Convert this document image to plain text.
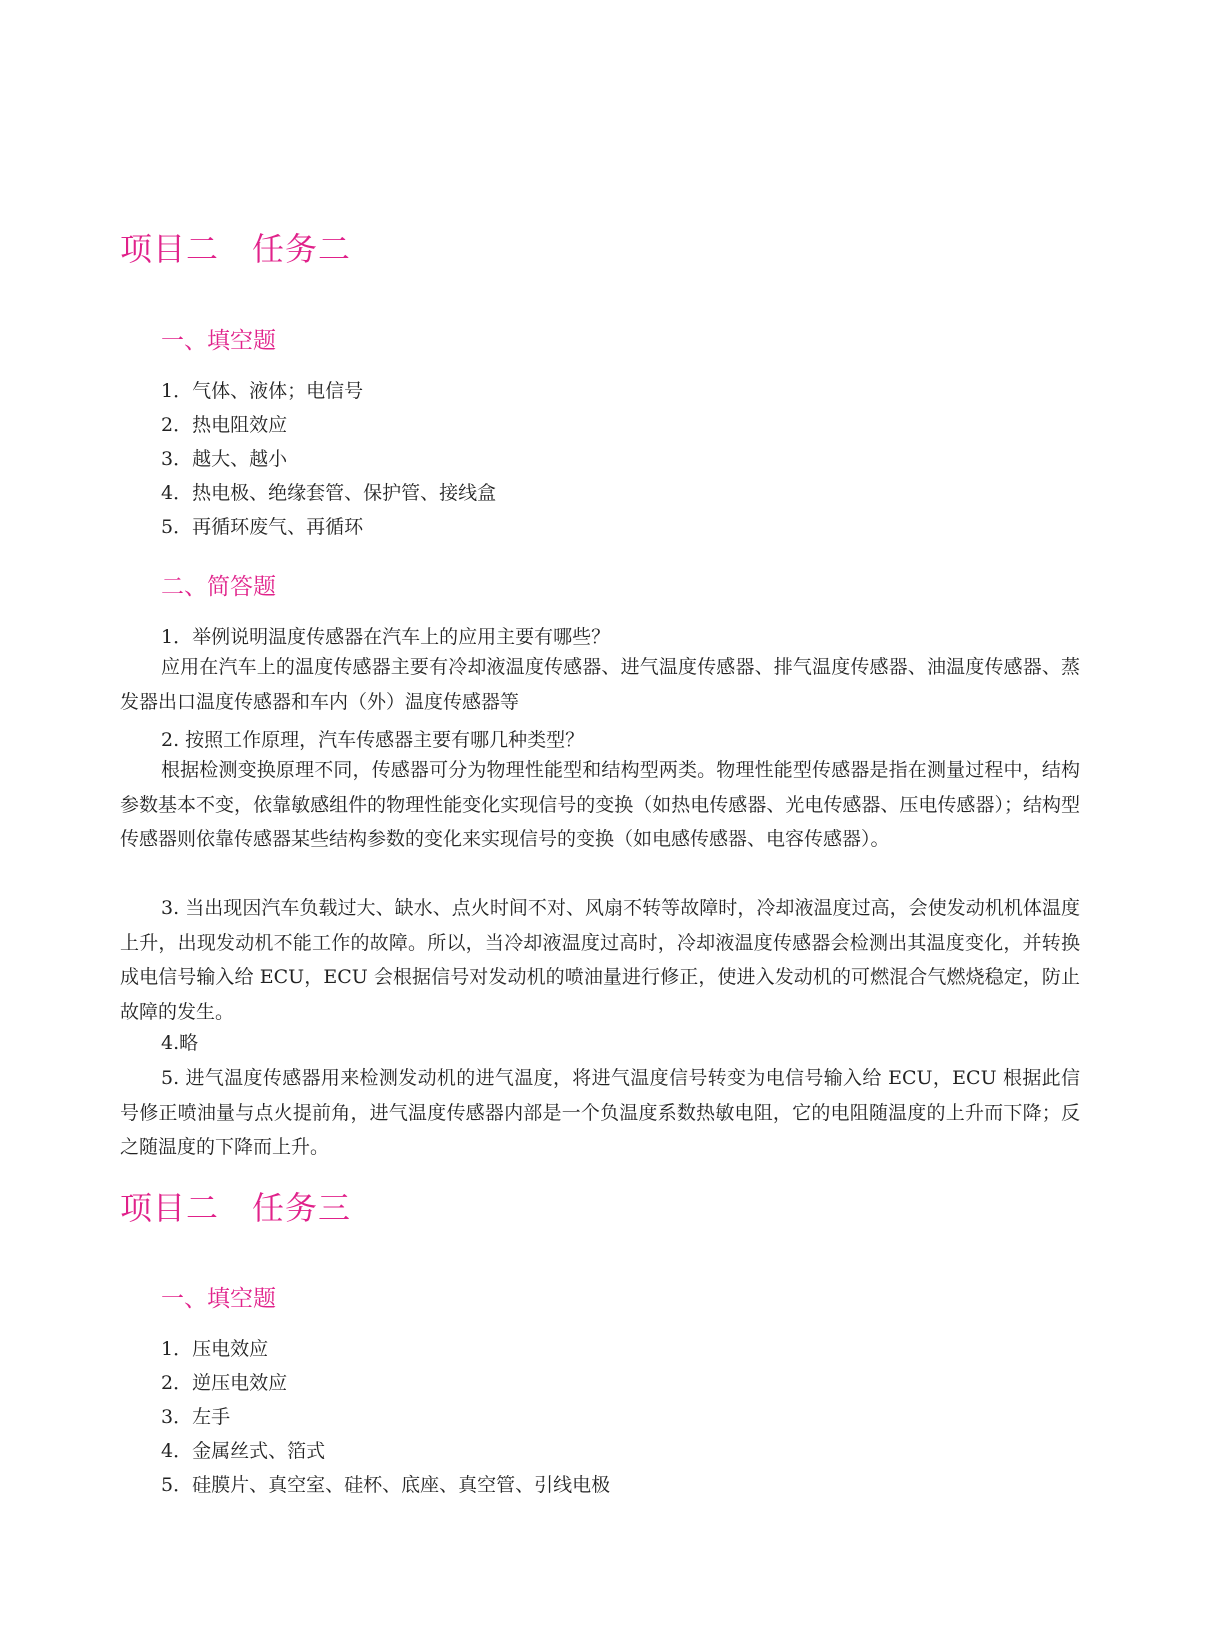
项目二　任务二
一、填空题
1．气体、液体；电信号
2．热电阻效应
3．越大、越小
4．热电极、绝缘套管、保护管、接线盒
5．再循环废气、再循环
二、简答题
1．举例说明温度传感器在汽车上的应用主要有哪些？

应用在汽车上的温度传感器主要有冷却液温度传感器、进气温度传感器、排气温度传感器、油温度传感器、蒸发器出口温度传感器和车内（外）温度传感器等

2. 按照工作原理，汽车传感器主要有哪几种类型？

根据检测变换原理不同，传感器可分为物理性能型和结构型两类。物理性能型传感器是指在测量过程中，结构参数基本不变，依靠敏感组件的物理性能变化实现信号的变换（如热电传感器、光电传感器、压电传感器）；结构型传感器则依靠传感器某些结构参数的变化来实现信号的变换（如电感传感器、电容传感器）。

3. 当出现因汽车负载过大、缺水、点火时间不对、风扇不转等故障时，冷却液温度过高，会使发动机机体温度上升，出现发动机不能工作的故障。所以，当冷却液温度过高时，冷却液温度传感器会检测出其温度变化，并转换成电信号输入给 ECU，ECU 会根据信号对发动机的喷油量进行修正，使进入发动机的可燃混合气燃烧稳定，防止故障的发生。

4.略

5. 进气温度传感器用来检测发动机的进气温度，将进气温度信号转变为电信号输入给 ECU，ECU 根据此信号修正喷油量与点火提前角，进气温度传感器内部是一个负温度系数热敏电阻，它的电阻随温度的上升而下降；反之随温度的下降而上升。

项目二　任务三
一、填空题
1．压电效应
2．逆压电效应
3．左手
4．金属丝式、箔式
5．硅膜片、真空室、硅杯、底座、真空管、引线电极
